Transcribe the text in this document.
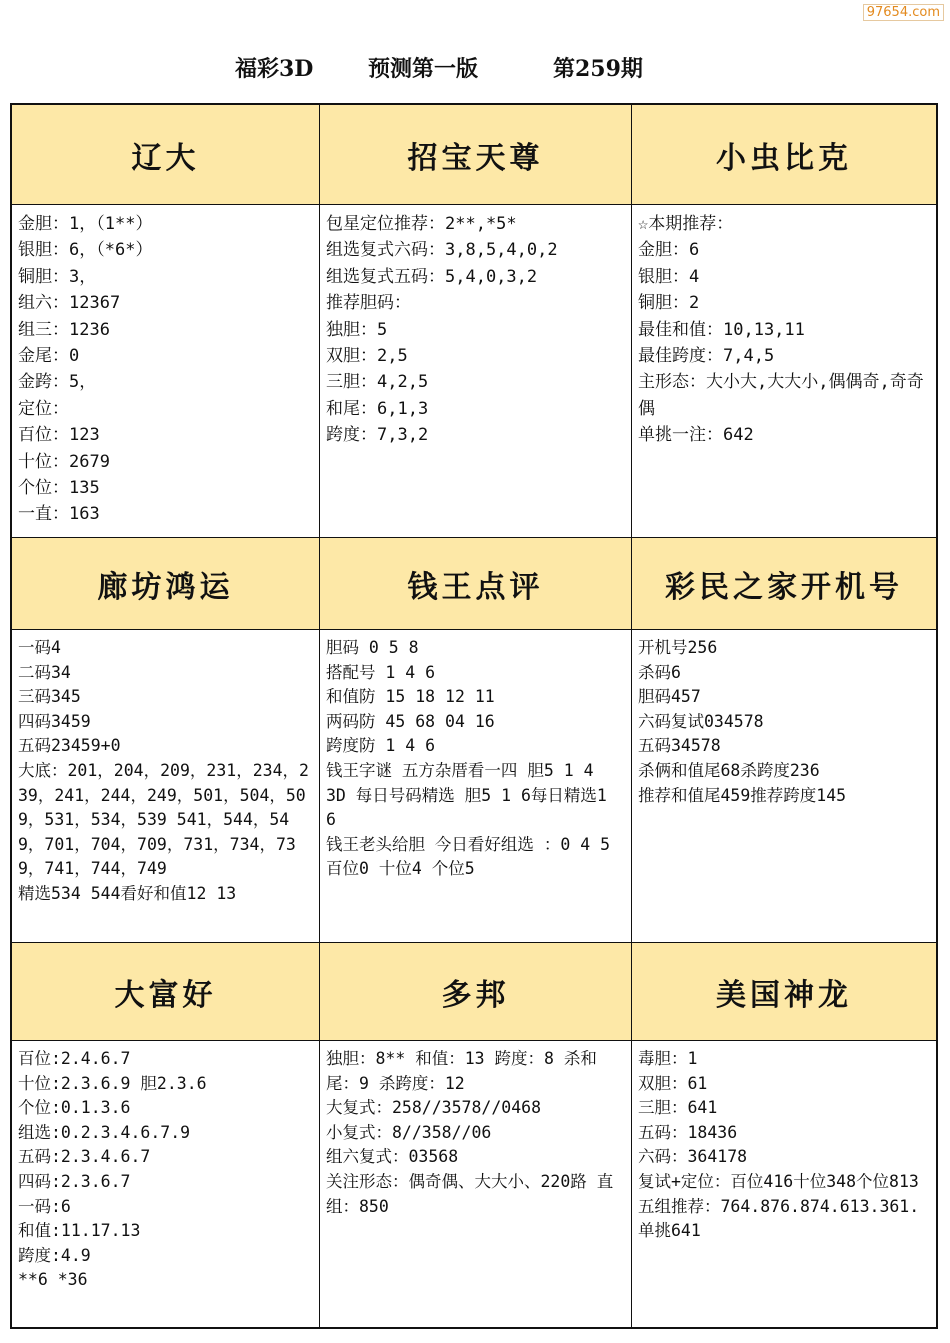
97654.com
福彩3D 预测第一版	第259期
辽大	招宝天尊	小虫比克
金胆：1，（1**）
银胆：6，（*6*）
铜胆：3，
组六：12367
组三：1236
金尾：0
金跨：5，
定位：
百位：123
十位：2679
个位：135
一直：163
包星定位推荐：2**,*5*
组选复式六码：3,8,5,4,0,2
组选复式五码：5,4,0,3,2
推荐胆码：
独胆：5
双胆：2,5
三胆：4,2,5
和尾：6,1,3
跨度：7,3,2
☆本期推荐：
金胆：6
银胆：4
铜胆：2
最佳和值：10,13,11
最佳跨度：7,4,5
主形态：大小大,大大小,偶偶奇,奇奇偶
单挑一注：642
廊坊鸿运	钱王点评	彩民之家开机号
一码4
二码34
三码345
四码3459
五码23459+0
大底：201，204，209，231，234，239，241，244，249，501，504，509，531，534，539 541，544，549，701，704，709，731，734，739，741，744，749
精选534 544看好和值12 13
胆码 0 5 8
搭配号 1 4 6
和值防 15 18 12 11
两码防 45 68 04 16
跨度防 1 4 6
钱王字谜 五方杂厝看一四 胆5 1 4
3D 每日号码精选 胆5 1 6每日精选1 6
钱王老头给胆 今日看好组选 ：0 4 5百位0 十位4 个位5
开机号256
杀码6
胆码457
六码复试034578
五码34578
杀俩和值尾68杀跨度236
推荐和值尾459推荐跨度145
大富好	多邦	美国神龙
百位:2.4.6.7
十位:2.3.6.9 胆2.3.6
个位:0.1.3.6
组选:0.2.3.4.6.7.9
五码:2.3.4.6.7
四码:2.3.6.7
一码:6
和值:11.17.13
跨度:4.9
**6 *36
独胆：8** 和值：13 跨度：8 杀和尾：9 杀跨度：12
大复式：258//3578//0468
小复式：8//358//06
组六复式：03568
关注形态：偶奇偶、大大小、220路 直组：850
毒胆：1
双胆：61
三胆：641
五码：18436
六码：364178
复试+定位：百位416十位348个位813
五组推荐：764.876.874.613.361.
单挑641
